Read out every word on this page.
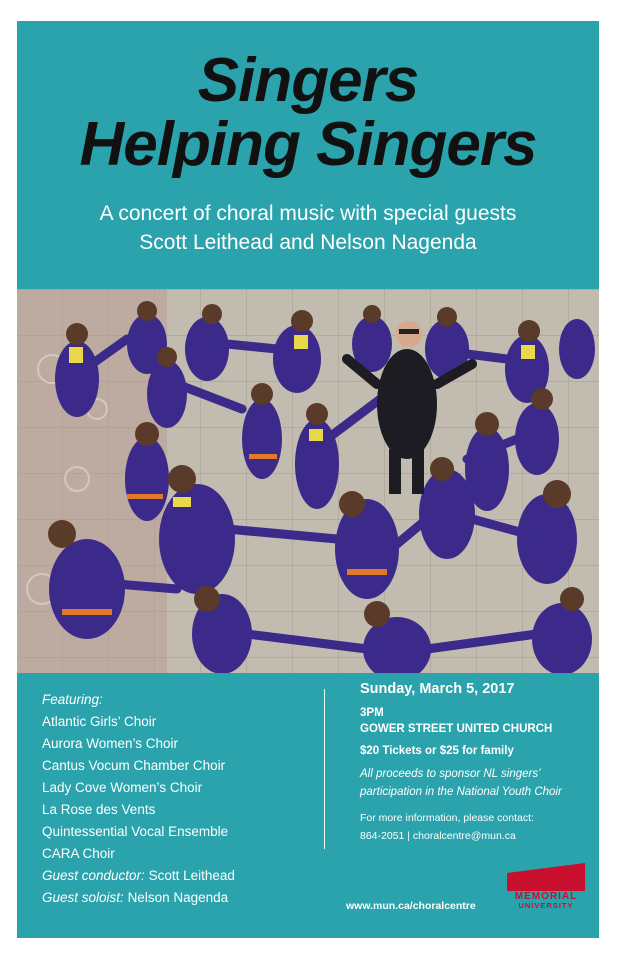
Singers
Helping Singers
A concert of choral music with special guests
Scott Leithead and Nelson Nagenda
Featuring:
Atlantic Girls’ Choir
Aurora Women’s Choir
Cantus Vocum Chamber Choir
Lady Cove Women’s Choir
La Rose des Vents
Quintessential Vocal Ensemble
CARA Choir
Guest conductor: Scott Leithead
Guest soloist: Nelson Nagenda
Sunday, March 5, 2017
3PM
GOWER STREET UNITED CHURCH
$20 Tickets or $25 for family
All proceeds to sponsor NL singers’
participation in the National Youth Choir
For more information, please contact:
864-2051 | choralcentre@mun.ca
www.mun.ca/choralcentre
MEMORIAL
UNIVERSITY
